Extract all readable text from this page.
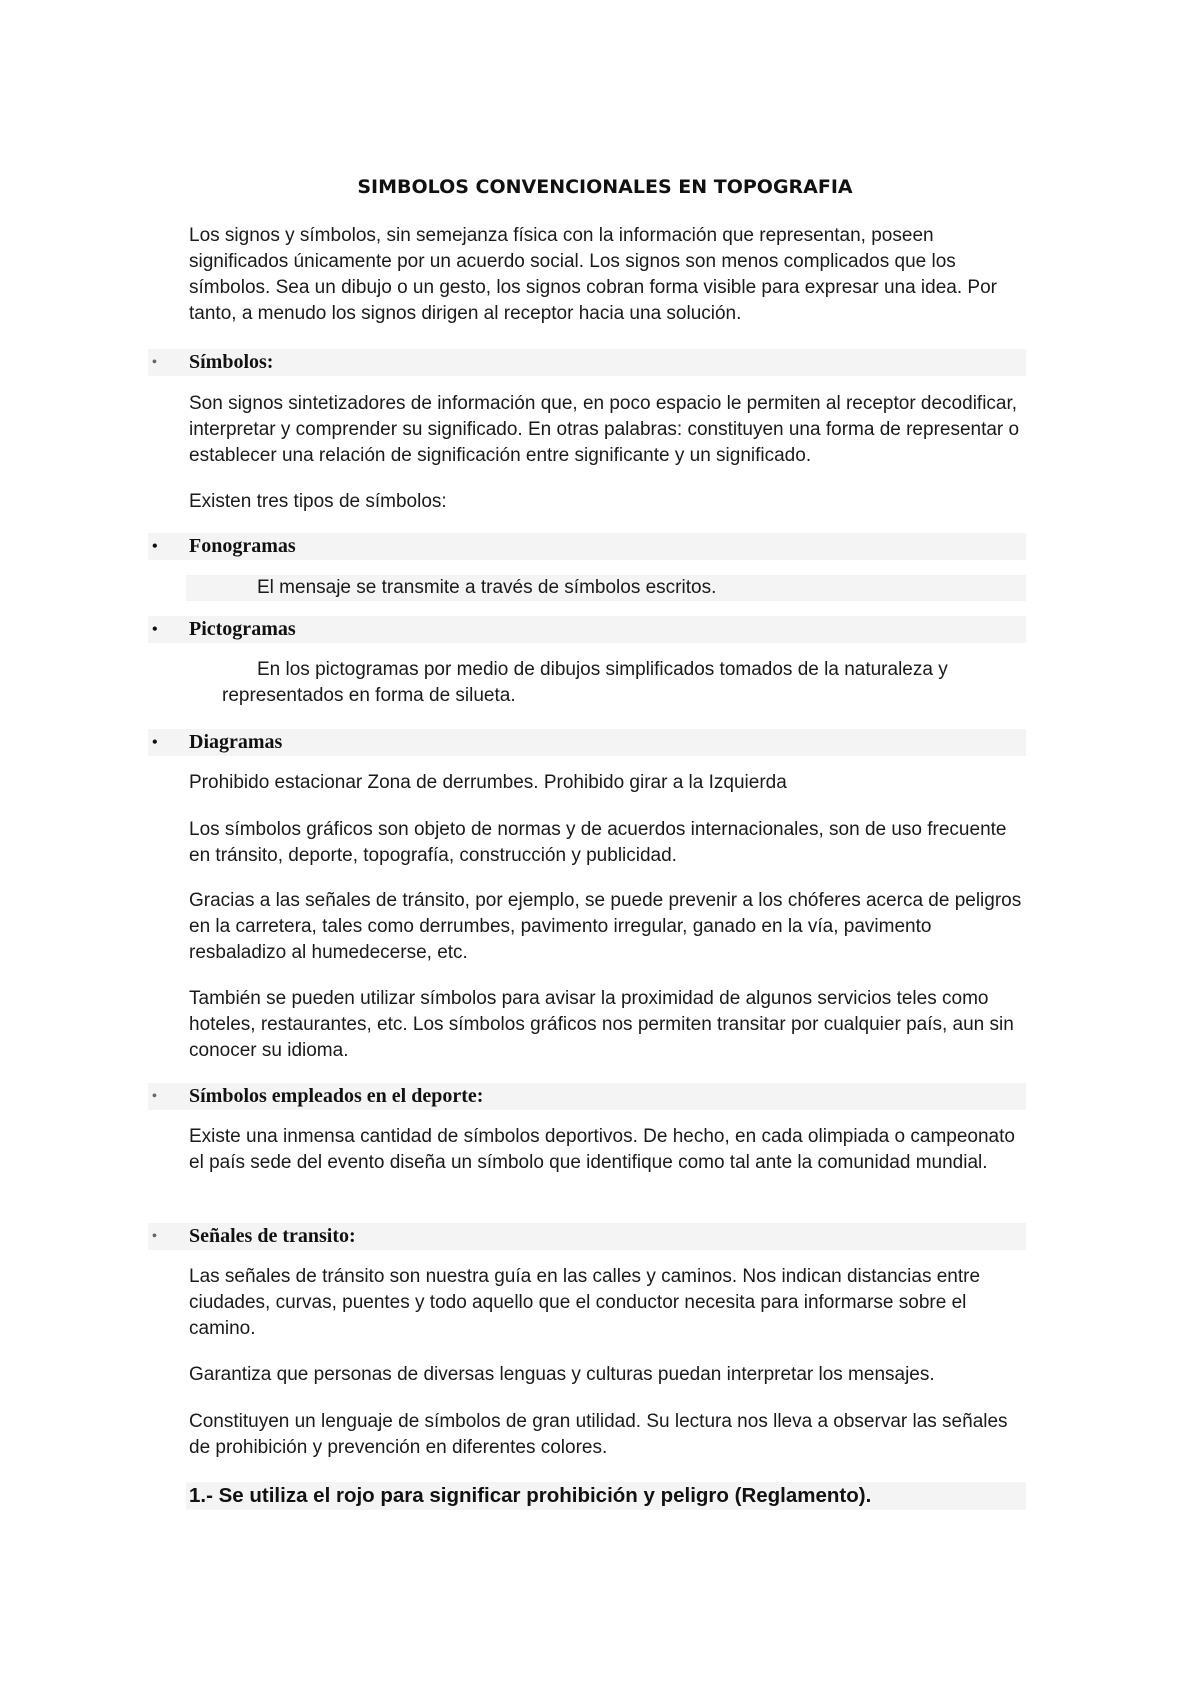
SIMBOLOS CONVENCIONALES EN TOPOGRAFIA
Los signos y símbolos, sin semejanza física con la información que representan, poseen significados únicamente por un acuerdo social. Los signos son menos complicados que los símbolos. Sea un dibujo o un gesto, los signos cobran forma visible para expresar una idea. Por tanto, a menudo los signos dirigen al receptor hacia una solución.
•	Símbolos:
Son signos sintetizadores de información que, en poco espacio le permiten al receptor decodificar, interpretar y comprender su significado. En otras palabras: constituyen una forma de representar o establecer una relación de significación entre significante y un significado.
Existen tres tipos de símbolos:
•	Fonogramas
El mensaje se transmite a través de símbolos escritos.
•	Pictogramas
En los pictogramas por medio de dibujos simplificados tomados de la naturaleza y representados en forma de silueta.
•	Diagramas
Prohibido estacionar Zona de derrumbes. Prohibido girar a la Izquierda
Los símbolos gráficos son objeto de normas y de acuerdos internacionales, son de uso frecuente en tránsito, deporte, topografía, construcción y publicidad.
Gracias a las señales de tránsito, por ejemplo, se puede prevenir a los chóferes acerca de peligros en la carretera, tales como derrumbes, pavimento irregular, ganado en la vía, pavimento resbaladizo al humedecerse, etc.
También se pueden utilizar símbolos para avisar la proximidad de algunos servicios teles como hoteles, restaurantes, etc. Los símbolos gráficos nos permiten transitar por cualquier país, aun sin conocer su idioma.
•	Símbolos empleados en el deporte:
Existe una inmensa cantidad de símbolos deportivos. De hecho, en cada olimpiada o campeonato el país sede del evento diseña un símbolo que identifique como tal ante la comunidad mundial.
•	Señales de transito:
Las señales de tránsito son nuestra guía en las calles y caminos. Nos indican distancias entre ciudades, curvas, puentes y todo aquello que el conductor necesita para informarse sobre el camino.
Garantiza que personas de diversas lenguas y culturas puedan interpretar los mensajes.
Constituyen un lenguaje de símbolos de gran utilidad. Su lectura nos lleva a observar las señales de prohibición y prevención en diferentes colores.
1.- Se utiliza el rojo para significar prohibición y peligro (Reglamento).
